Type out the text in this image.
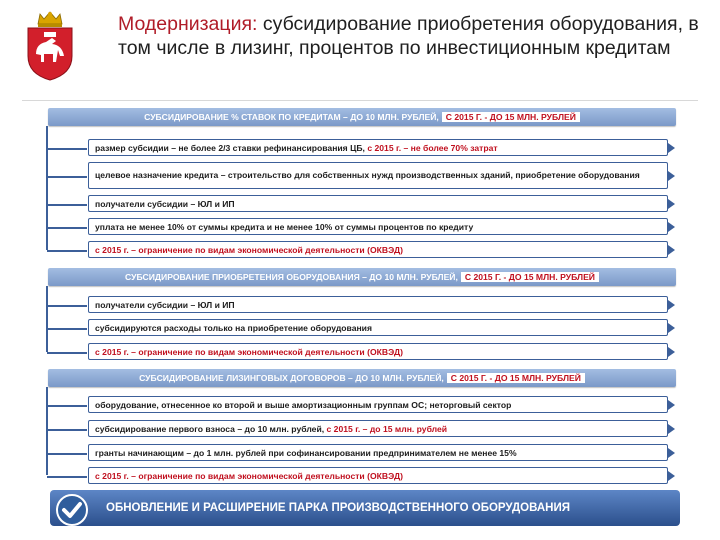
Модернизация: субсидирование приобретения оборудования, в том числе в лизинг, процентов по инвестиционным кредитам
СУБСИДИРОВАНИЕ % СТАВОК ПО КРЕДИТАМ – ДО 10 МЛН. РУБЛЕЙ, С 2015 Г. - ДО 15 МЛН. РУБЛЕЙ
размер субсидии – не более 2/3 ставки рефинансирования ЦБ,
с 2015 г. – не более 70% затрат
целевое назначение кредита – строительство для собственных нужд производственных зданий, приобретение оборудования
получатели субсидии – ЮЛ и ИП
уплата не менее 10% от суммы кредита и не менее 10% от суммы процентов по кредиту
с 2015 г. – ограничение по видам экономической деятельности (ОКВЭД)
СУБСИДИРОВАНИЕ ПРИОБРЕТЕНИЯ ОБОРУДОВАНИЯ – ДО 10 МЛН. РУБЛЕЙ, С 2015 Г. - ДО 15 МЛН. РУБЛЕЙ
получатели субсидии – ЮЛ и ИП
субсидируются расходы только на приобретение оборудования
с 2015 г. – ограничение по видам экономической деятельности (ОКВЭД)
СУБСИДИРОВАНИЕ ЛИЗИНГОВЫХ ДОГОВОРОВ – ДО 10 МЛН. РУБЛЕЙ, С 2015 Г. - ДО 15 МЛН. РУБЛЕЙ
оборудование, отнесенное ко второй и выше амортизационным группам ОС; неторговый сектор
субсидирование первого взноса – до 10 млн. рублей,
с 2015 г. – до 15 млн. рублей
гранты начинающим – до 1 млн. рублей при софинансировании предпринимателем не менее 15%
с 2015 г. – ограничение по видам экономической деятельности (ОКВЭД)
ОБНОВЛЕНИЕ И РАСШИРЕНИЕ ПАРКА ПРОИЗВОДСТВЕННОГО ОБОРУДОВАНИЯ
